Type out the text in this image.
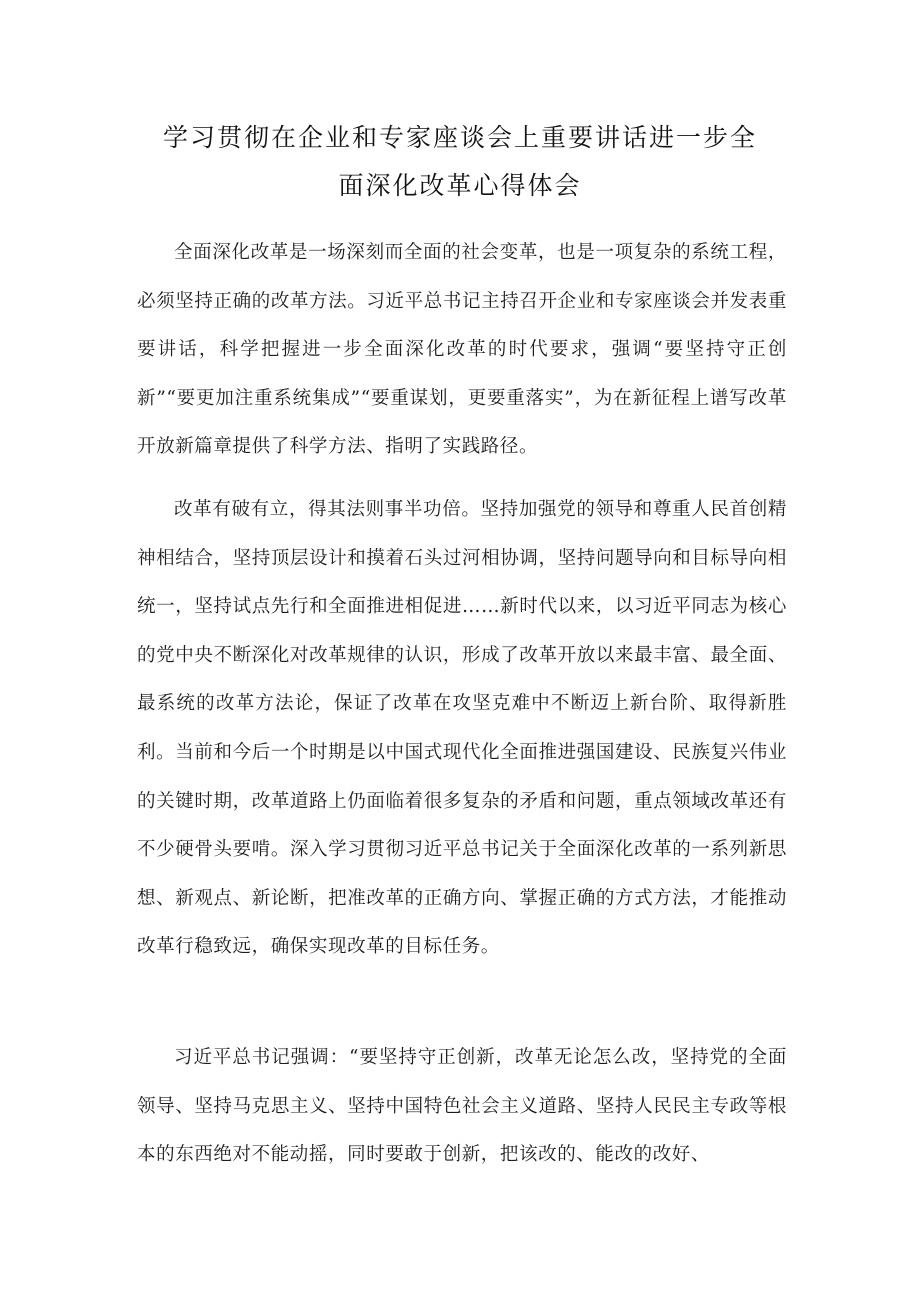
学习贯彻在企业和专家座谈会上重要讲话进一步全
面深化改革心得体会

全面深化改革是一场深刻而全面的社会变革，也是一项复杂的系统工程，必须坚持正确的改革方法。习近平总书记主持召开企业和专家座谈会并发表重要讲话，科学把握进一步全面深化改革的时代要求，强调“要坚持守正创新”“要更加注重系统集成”“要重谋划，更要重落实”，为在新征程上谱写改革开放新篇章提供了科学方法、指明了实践路径。

改革有破有立，得其法则事半功倍。坚持加强党的领导和尊重人民首创精神相结合，坚持顶层设计和摸着石头过河相协调，坚持问题导向和目标导向相统一，坚持试点先行和全面推进相促进……新时代以来，以习近平同志为核心的党中央不断深化对改革规律的认识，形成了改革开放以来最丰富、最全面、最系统的改革方法论，保证了改革在攻坚克难中不断迈上新台阶、取得新胜利。当前和今后一个时期是以中国式现代化全面推进强国建设、民族复兴伟业的关键时期，改革道路上仍面临着很多复杂的矛盾和问题，重点领域改革还有不少硬骨头要啃。深入学习贯彻习近平总书记关于全面深化改革的一系列新思想、新观点、新论断，把准改革的正确方向、掌握正确的方式方法，才能推动改革行稳致远，确保实现改革的目标任务。

习近平总书记强调：“要坚持守正创新，改革无论怎么改，坚持党的全面领导、坚持马克思主义、坚持中国特色社会主义道路、坚持人民民主专政等根本的东西绝对不能动摇，同时要敢于创新，把该改的、能改的改好、
